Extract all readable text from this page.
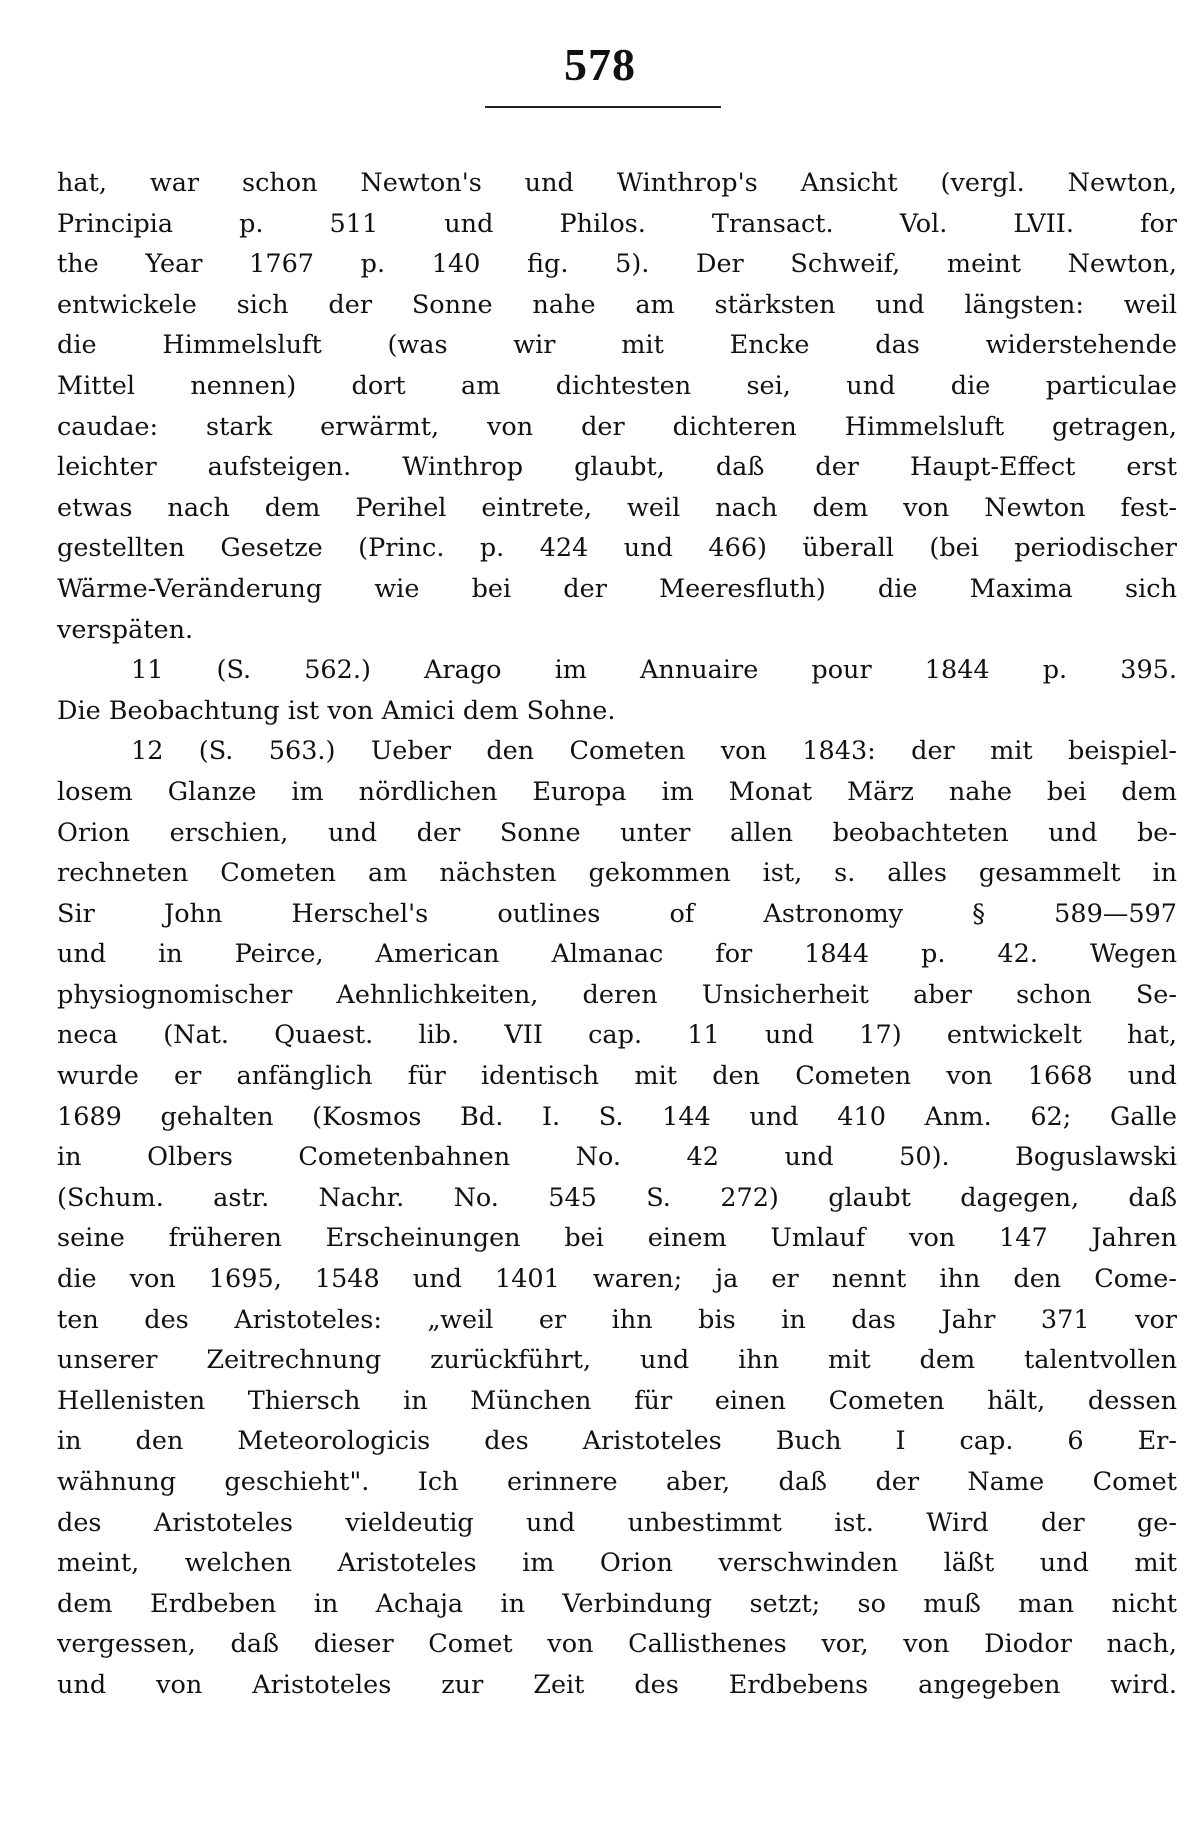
578
hat, war schon Newton's und Winthrop's Ansicht (vergl. Newton,
Principia p. 511 und Philos. Transact. Vol. LVII. for
the Year 1767 p. 140 fig. 5). Der Schweif, meint Newton,
entwickele sich der Sonne nahe am stärksten und längsten: weil
die Himmelsluft (was wir mit Encke das widerstehende
Mittel nennen) dort am dichtesten sei, und die particulae
caudae: stark erwärmt, von der dichteren Himmelsluft getragen,
leichter aufsteigen. Winthrop glaubt, daß der Haupt-Effect erst
etwas nach dem Perihel eintrete, weil nach dem von Newton fest-
gestellten Gesetze (Princ. p. 424 und 466) überall (bei periodischer
Wärme-Veränderung wie bei der Meeresfluth) die Maxima sich
verspäten.
11 (S. 562.) Arago im Annuaire pour 1844 p. 395.
Die Beobachtung ist von Amici dem Sohne.
12 (S. 563.) Ueber den Cometen von 1843: der mit beispiel-
losem Glanze im nördlichen Europa im Monat März nahe bei dem
Orion erschien, und der Sonne unter allen beobachteten und be-
rechneten Cometen am nächsten gekommen ist, s. alles gesammelt in
Sir John Herschel's outlines of Astronomy § 589—597
und in Peirce, American Almanac for 1844 p. 42. Wegen
physiognomischer Aehnlichkeiten, deren Unsicherheit aber schon Se-
neca (Nat. Quaest. lib. VII cap. 11 und 17) entwickelt hat,
wurde er anfänglich für identisch mit den Cometen von 1668 und
1689 gehalten (Kosmos Bd. I. S. 144 und 410 Anm. 62; Galle
in Olbers Cometenbahnen No. 42 und 50). Boguslawski
(Schum. astr. Nachr. No. 545 S. 272) glaubt dagegen, daß
seine früheren Erscheinungen bei einem Umlauf von 147 Jahren
die von 1695, 1548 und 1401 waren; ja er nennt ihn den Come-
ten des Aristoteles: „weil er ihn bis in das Jahr 371 vor
unserer Zeitrechnung zurückführt, und ihn mit dem talentvollen
Hellenisten Thiersch in München für einen Cometen hält, dessen
in den Meteorologicis des Aristoteles Buch I cap. 6 Er-
wähnung geschieht". Ich erinnere aber, daß der Name Comet
des Aristoteles vieldeutig und unbestimmt ist. Wird der ge-
meint, welchen Aristoteles im Orion verschwinden läßt und mit
dem Erdbeben in Achaja in Verbindung setzt; so muß man nicht
vergessen, daß dieser Comet von Callisthenes vor, von Diodor nach,
und von Aristoteles zur Zeit des Erdbebens angegeben wird.
